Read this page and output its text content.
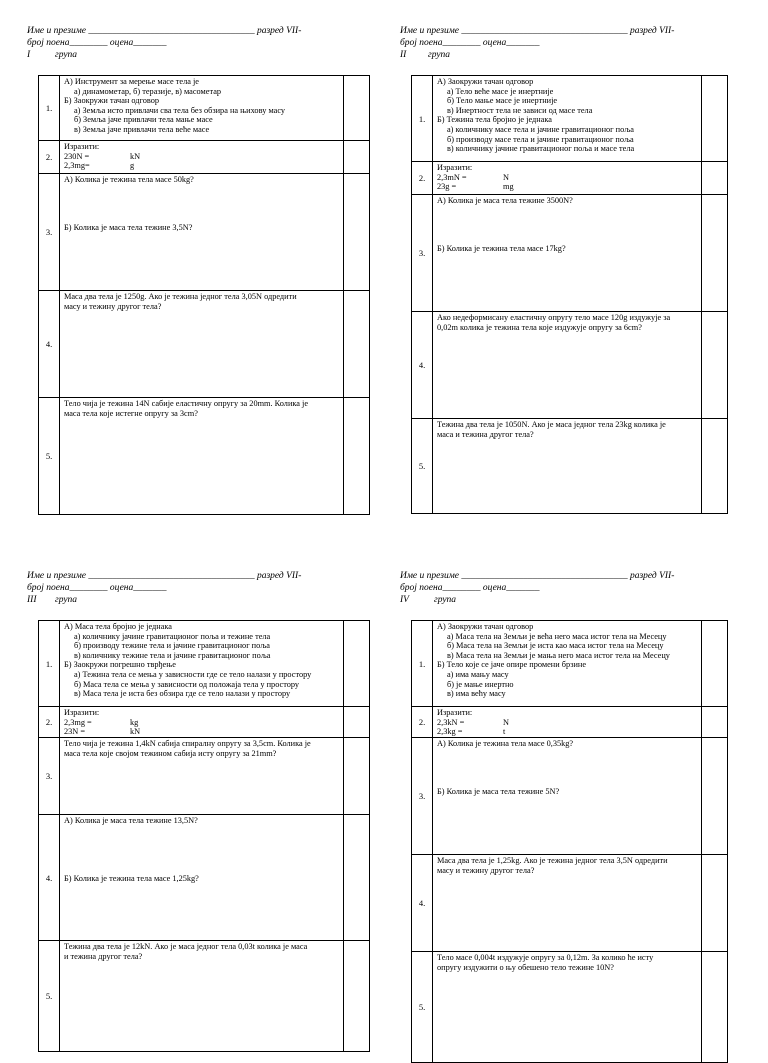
Име и презиме ___________________________________ разред VII-
број поена________ оцена_______
I	група
1.

А) Инструмент за мерење масе тела је

а) динамометар, б) теразије, в) масометар

Б) Заокружи тачан одговор

а) Земља исто привлачи сва тела без обзира на њихову масу

б) Земља јаче привлачи тела мање масе

в) Земља јаче привлачи тела веће масе

2.

Изразити:

230N =	kN

2,3mg=	g

3.

А) Колика је тежина тела масе 50kg?

Б) Колика је маса тела тежине 3,5N?

4.

Маса два тела је 1250g. Ако је тежина једног тела 3,05N одредити

масу и тежину другог тела?

5.

Тело чија је тежина 14N сабије еластичну опругу за 20mm. Колика је

маса тела које истегне опругу за 3cm?

Име и презиме ___________________________________ разред VII-
број поена________ оцена_______
II група
1.

А) Заокружи тачан одговор

а) Тело веће масе је инертније

б) Тело мање масе је инертније

в) Инертност тела не зависи од масе тела

Б) Тежина тела бројно је једнака

а) количнику масе тела и јачине гравитационог поља

б) производу масе тела и јачине гравитационог поља

в) количнику јачине гравитационог поља и масе тела

2.

Изразити:

2,3mN =	N

23g =	mg

3.

А) Колика је маса тела тежине 3500N?

Б) Колика је тежина тела масе 17kg?

4.

Ако недеформисану еластичну опругу тело масе 120g издужује за

0,02m колика је тежина тела које издужује опругу за 6cm?

5.

Тежина два тела је 1050N. Ако је маса једног тела 23kg колика је

маса и тежина другог тела?

Име и презиме ___________________________________ разред VII-
број поена________ оцена_______
III група
1.

А) Маса тела бројно је једнака

а) количнику јачине гравитационог поља и тежине тела

б) производу тежине тела и јачине гравитационог поља

в) количнику тежине тела и јачине гравитационог поља

Б) Заокружи погрешно тврђење

а) Тежина тела се мења у зависности где се тело налази у простору

б) Маса тела се мења у зависности од положаја тела у простору

в) Маса тела је иста без обзира где се тело налази у простору

2.

Изразити:

2,3mg =	kg

23N =	kN

3.

Тело чија је тежина 1,4kN сабија спиралну опругу за 3,5cm. Колика је

маса тела које својом тежином сабија исту опругу за 21mm?

4.

А) Колика је маса тела тежине 13,5N?

Б) Колика је тежина тела масе 1,25kg?

5.

Тежина два тела је 12kN. Ако је маса једног тела 0,03t колика је маса

и тежина другог тела?

Име и презиме ___________________________________ разред VII-
број поена________ оцена_______
IV	група
1.

А) Заокружи тачан одговор

а) Маса тела на Земљи је већа него маса истог тела на Месецу

б) Маса тела на Земљи је иста као маса истог тела на Месецу

в) Маса тела на Земљи је мања него маса истог тела на Месецу

Б) Тело које се јаче опире промени брзине

а) има мању масу

б) је мање инертно

в) има већу масу

2.

Изразити:

2,3kN =	N

2,3kg =	t

3.

А) Колика је тежина тела масе 0,35kg?

Б) Колика је маса тела тежине 5N?

4.

Маса два тела је 1,25kg. Ако је тежина једног тела 3,5N одредити

масу и тежину другог тела?

5.

Тело масе 0,004t издужује опругу за 0,12m. За колико ће исту

опругу издужити о њу обешено тело тежине 10N?
